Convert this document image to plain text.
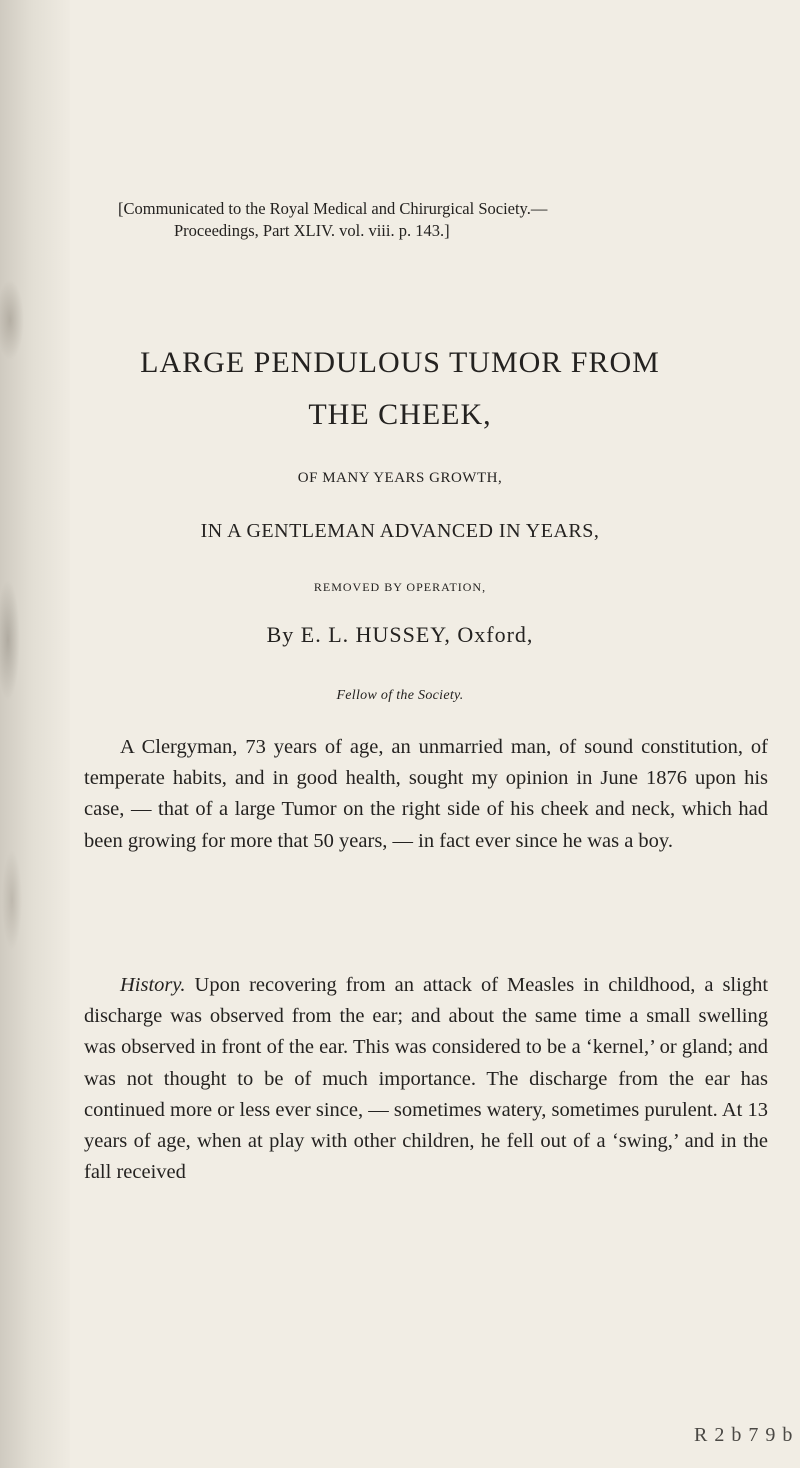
[Communicated to the Royal Medical and Chirurgical Society.—
Proceedings, Part XLIV. vol. viii. p. 143.]
LARGE PENDULOUS TUMOR FROM
THE CHEEK,
OF MANY YEARS GROWTH,
IN A GENTLEMAN ADVANCED IN YEARS,
REMOVED BY OPERATION,
By E. L. HUSSEY, Oxford,
Fellow of the Society.
A Clergyman, 73 years of age, an unmarried man, of sound constitution, of temperate habits, and in good health, sought my opinion in June 1876 upon his case, — that of a large Tumor on the right side of his cheek and neck, which had been growing for more that 50 years, — in fact ever since he was a boy.
History. Upon recovering from an attack of Measles in childhood, a slight discharge was observed from the ear; and about the same time a small swelling was observed in front of the ear. This was considered to be a ‘kernel,’ or gland; and was not thought to be of much importance. The discharge from the ear has continued more or less ever since, — sometimes watery, sometimes purulent. At 13 years of age, when at play with other children, he fell out of a ‘swing,’ and in the fall received
R 2 b 7 9 b
